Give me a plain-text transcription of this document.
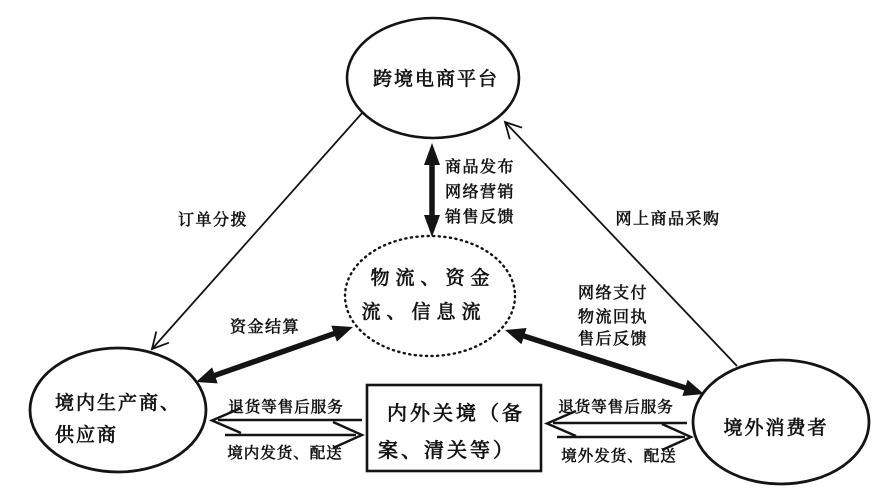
跨境电商平台
物流、资金
流、信息流
境内生产商、
供应商	境外消费者
内外关境（备
案、清关等）
订单分拨	网上商品采购
商品发布
网络营销
销售反馈
资金结算
网络支付
物流回执
售后反馈
退货等售后服务
境内发货、配送
退货等售后服务
境外发货、配送
